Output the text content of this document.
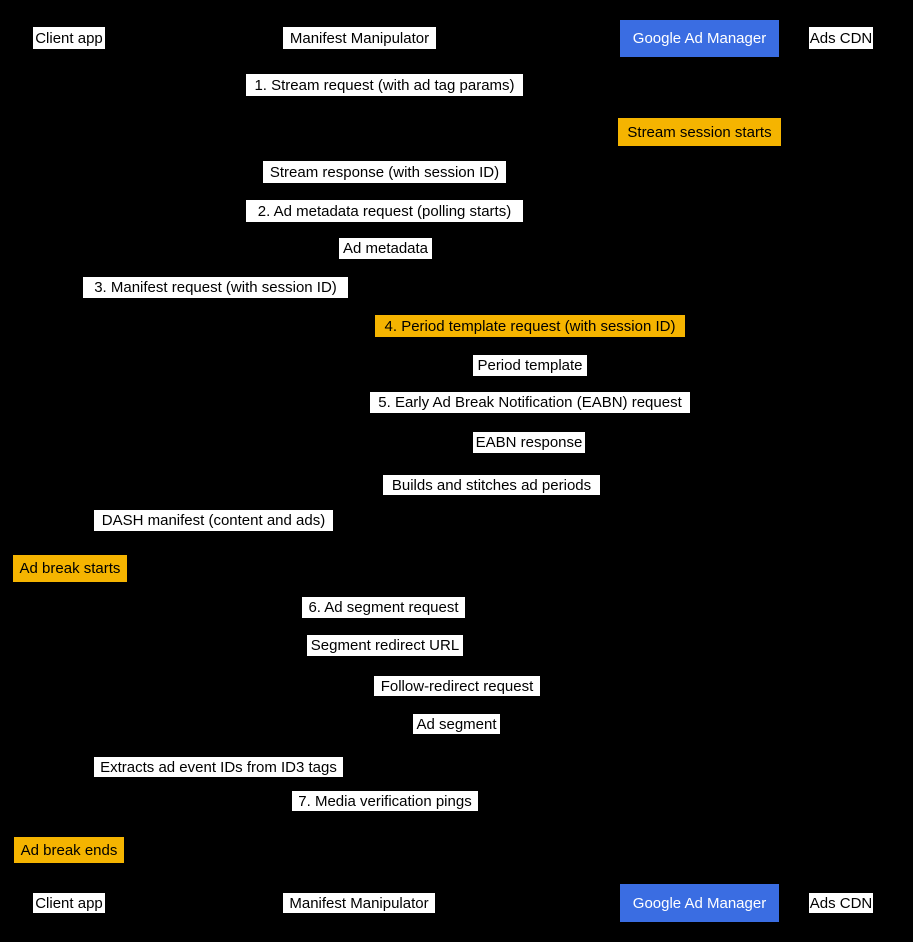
Client app	Manifest Manipulator	Google Ad Manager	Ads CDN
1. Stream request (with ad tag params)
Stream session starts
Stream response (with session ID)
2. Ad metadata request (polling starts)
Ad metadata
3. Manifest request (with session ID)
4. Period template request (with session ID)
Period template
5. Early Ad Break Notification (EABN) request
EABN response
Builds and stitches ad periods
DASH manifest (content and ads)
Ad break starts
6. Ad segment request
Segment redirect URL
Follow-redirect request
Ad segment
Extracts ad event IDs from ID3 tags
7. Media verification pings
Ad break ends
Client app	Manifest Manipulator	Google Ad Manager	Ads CDN
